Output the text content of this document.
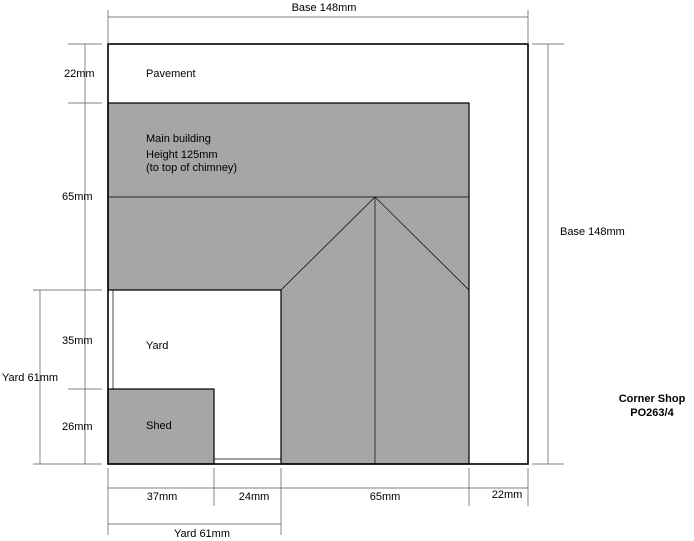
Base 148mm
Base 148mm
22mm
65mm
35mm
26mm
Yard 61mm
37mm	24mm	65mm	22mm
Yard 61mm
Pavement
Main building
Height 125mm
(to top of chimney)
Yard
Shed
Corner Shop
PO263/4
